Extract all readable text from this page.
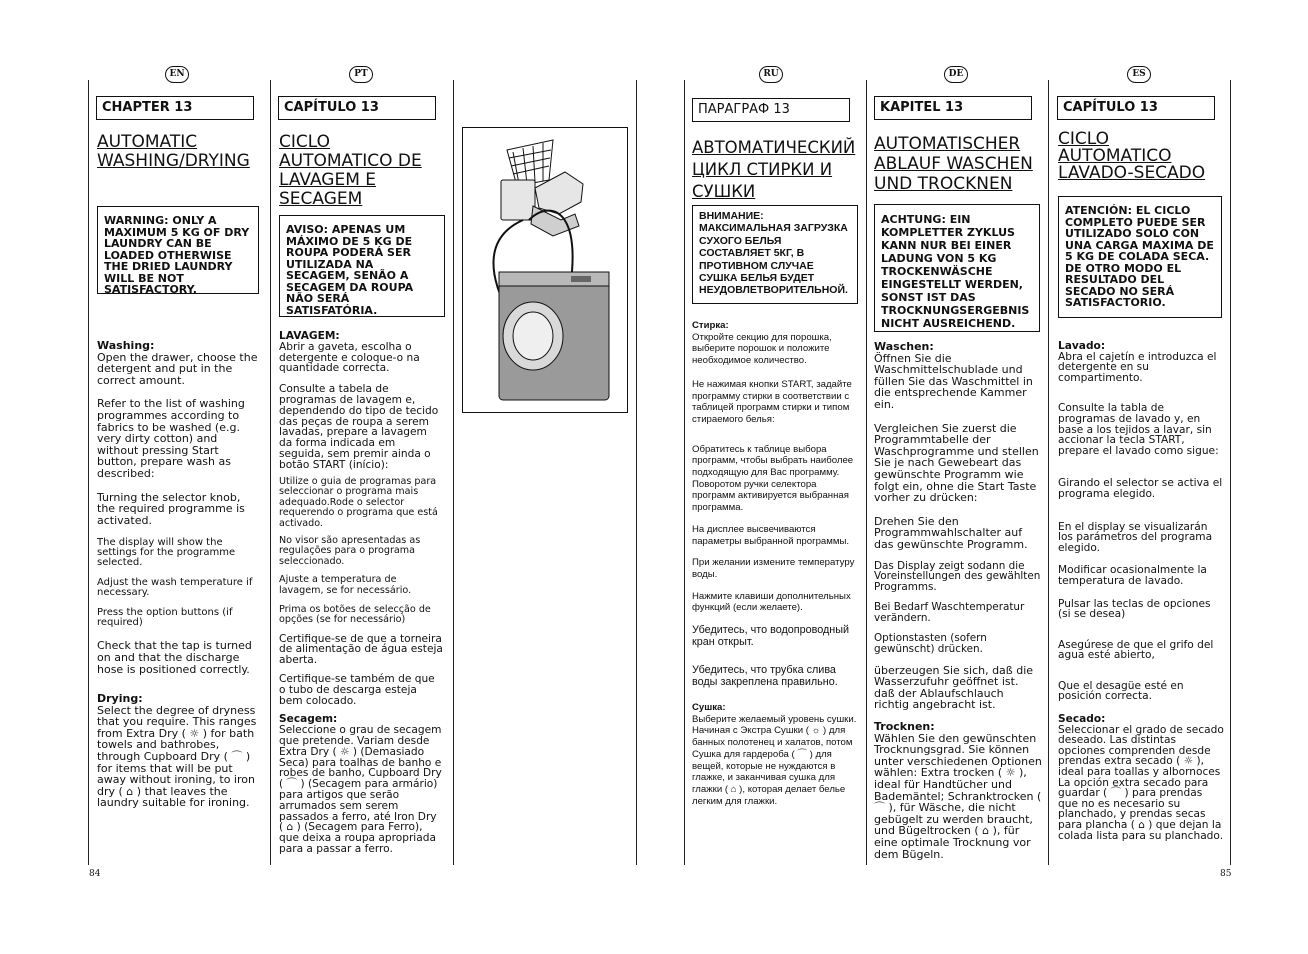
EN	PT	RU	DE	ES
CHAPTER 13
AUTOMATIC WASHING/DRYING
WARNING: ONLY A MAXIMUM 5 KG OF DRY LAUNDRY CAN BE LOADED OTHERWISE THE DRIED LAUNDRY WILL BE NOT SATISFACTORY.

Washing:

Open the drawer, choose the detergent and put in the correct amount.

Refer to the list of washing programmes according to fabrics to be washed (e.g. very dirty cotton) and without pressing Start button, prepare wash as described:

Turning the selector knob, the required programme is activated.

The display will show the settings for the programme selected.

Adjust the wash temperature if necessary.

Press the option buttons (if required)

Check that the tap is turned on and that the discharge hose is positioned correctly.

Drying:

Select the degree of dryness that you require. This ranges from Extra Dry ( ☼ ) for bath towels and bathrobes, through Cupboard Dry ( ⌒ ) for items that will be put away without ironing, to iron dry ( ⌂ ) that leaves the laundry suitable for ironing.

CAPÍTULO 13
CICLO AUTOMATICO DE LAVAGEM E SECAGEM
AVISO: APENAS UM MÁXIMO DE 5 KG DE ROUPA PODERÁ SER UTILIZADA NA SECAGEM, SENÃO A SECAGEM DA ROUPA NÃO SERÁ SATISFATÓRIA.

LAVAGEM:

Abrir a gaveta, escolha o detergente e coloque-o na quantidade correcta.

Consulte a tabela de programas de lavagem e, dependendo do tipo de tecido das peças de roupa a serem lavadas, prepare a lavagem da forma indicada em seguida, sem premir ainda o botão START (início):

Utilize o guia de programas para seleccionar o programa mais adequado.Rode o selector requerendo o programa que está activado.

No visor são apresentadas as regulações para o programa seleccionado.

Ajuste a temperatura de lavagem, se for necessário.

Prima os botões de selecção de opções (se for necessário)

Certifique-se de que a torneira de alimentação de água esteja aberta.

Certifique-se também de que o tubo de descarga esteja bem colocado.

Secagem:

Seleccione o grau de secagem que pretende. Variam desde Extra Dry ( ☼ ) (Demasiado Seca) para toalhas de banho e robes de banho, Cupboard Dry ( ⌒ ) (Secagem para armário) para artigos que serão arrumados sem serem passados a ferro, até Iron Dry ( ⌂ ) (Secagem para Ferro), que deixa a roupa apropriada para a passar a ferro.

ПАРАГРАФ 13
АВТОМАТИЧЕСКИЙ ЦИКЛ СТИРКИ И СУШКИ
ВНИМАНИЕ: МАКСИМАЛЬНАЯ ЗАГРУЗКА СУХОГО БЕЛЬЯ СОСТАВЛЯЕТ 5КГ, В ПРОТИВНОМ СЛУЧАЕ СУШКА БЕЛЬЯ БУДЕТ НЕУДОВЛЕТВОРИТЕЛЬНОЙ.

Стирка:

Откройте секцию для порошка, выберите порошок и положите необходимое количество.

Не нажимая кнопки START, задайте программу стирки в соответствии с таблицей программ стирки и типом стираемого белья:

Обратитесь к таблице выбора программ, чтобы выбрать наиболее подходящую для Вас программу. Поворотом ручки селектора программ активируется выбранная программа.

На дисплее высвечиваются параметры выбранной программы.

При желании измените температуру воды.

Нажмите клавиши дополнительных функций (если желаете).

Убедитесь, что водопроводный кран открыт.

Убедитесь, что трубка слива воды закреплена правильно.

Сушка:

Выберите желаемый уровень сушки. Начиная с Экстра Сушки ( ☼ ) для банных полотенец и халатов, потом Сушка для гардероба ( ⌒ ) для вещей, которые не нуждаются в глажке, и заканчивая сушка для глажки ( ⌂ ), которая делает белье легким для глажки.

KAPITEL 13
AUTOMATISCHER ABLAUF WASCHEN UND TROCKNEN
ACHTUNG: EIN KOMPLETTER ZYKLUS KANN NUR BEI EINER LADUNG VON 5 KG TROCKENWÄSCHE EINGESTELLT WERDEN, SONST IST DAS TROCKNUNGSERGEBNIS NICHT AUSREICHEND.

Waschen:

Öffnen Sie die Waschmittelschublade und füllen Sie das Waschmittel in die entsprechende Kammer ein.

Vergleichen Sie zuerst die Programmtabelle der Waschprogramme und stellen Sie je nach Gewebeart das gewünschte Programm wie folgt ein, ohne die Start Taste vorher zu drücken:

Drehen Sie den Programmwahlschalter auf das gewünschte Programm.

Das Display zeigt sodann die Voreinstellungen des gewählten Programms.

Bei Bedarf Waschtemperatur verändern.

Optionstasten (sofern gewünscht) drücken.

überzeugen Sie sich, daß die Wasserzufuhr geöffnet ist. daß der Ablaufschlauch richtig angebracht ist.

Trocknen:

Wählen Sie den gewünschten Trocknungsgrad. Sie können unter verschiedenen Optionen wählen: Extra trocken ( ☼ ), ideal für Handtücher und Bademäntel; Schranktrocken ( ⌒ ), für Wäsche, die nicht gebügelt zu werden braucht, und Bügeltrocken ( ⌂ ), für eine optimale Trocknung vor dem Bügeln.

CAPÍTULO 13
CICLO AUTOMATICO LAVADO-SECADO
ATENCIÓN: EL CICLO COMPLETO PUEDE SER UTILIZADO SOLO CON UNA CARGA MAXIMA DE 5 KG DE COLADA SECA. DE OTRO MODO EL RESULTADO DEL SECADO NO SERÁ SATISFACTORIO.

Lavado:

Abra el cajetín e introduzca el detergente en su compartimento.

Consulte la tabla de programas de lavado y, en base a los tejidos a lavar, sin accionar la tecla START, prepare el lavado como sigue:

Girando el selector se activa el programa elegido.

En el display se visualizarán los parámetros del programa elegido.

Modificar ocasionalmente la temperatura de lavado.

Pulsar las teclas de opciones (si se desea)

Asegúrese de que el grifo del agua esté abierto,

Que el desagüe esté en posición correcta.

Secado:

Seleccionar el grado de secado deseado. Las distintas opciones comprenden desde prendas extra secado ( ☼ ), ideal para toallas y albornoces La opción extra secado para guardar ( ⌒ ) para prendas que no es necesario su planchado, y prendas secas para plancha ( ⌂ ) que dejan la colada lista para su planchado.

84	85
